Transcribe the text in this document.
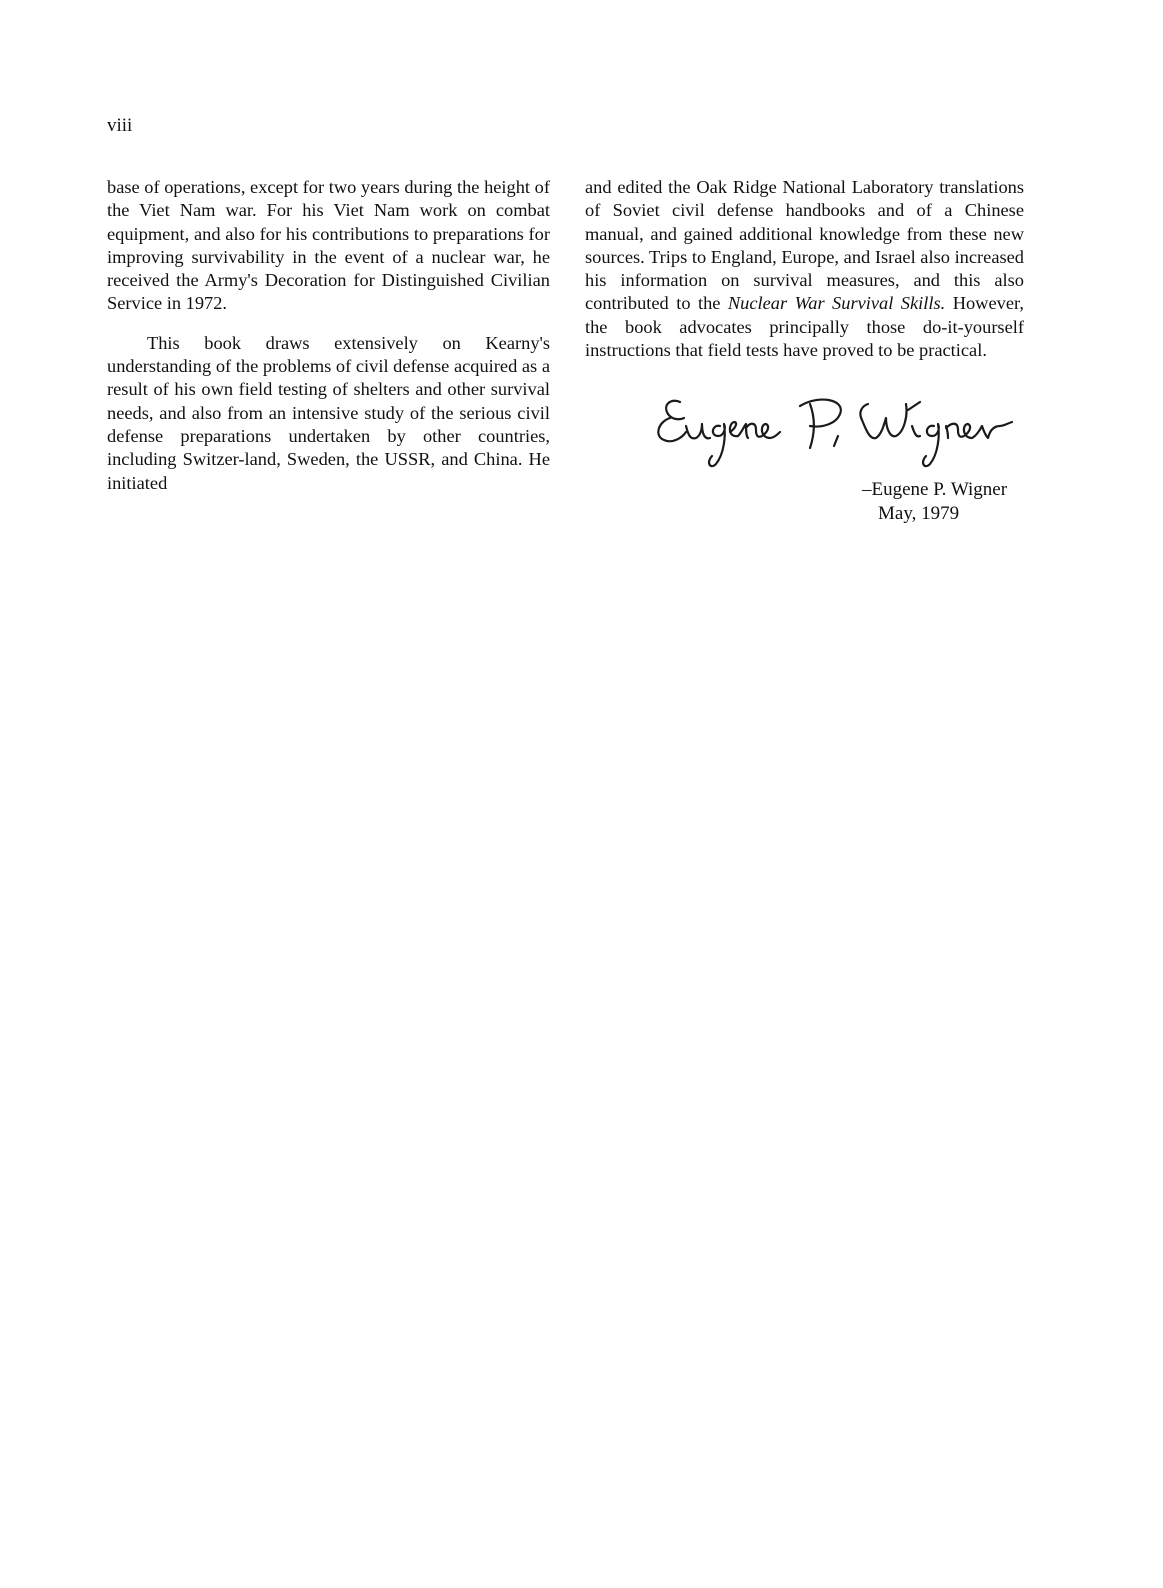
viii

base of operations, except for two years during the height of the Viet Nam war. For his Viet Nam work on combat equipment, and also for his contributions to preparations for improving survivability in the event of a nuclear war, he received the Army's Decoration for Distinguished Civilian Service in 1972.

This book draws extensively on Kearny's understanding of the problems of civil defense acquired as a result of his own field testing of shelters and other survival needs, and also from an intensive study of the serious civil defense preparations undertaken by other countries, including Switzer-land, Sweden, the USSR, and China. He initiated

and edited the Oak Ridge National Laboratory translations of Soviet civil defense handbooks and of a Chinese manual, and gained additional knowledge from these new sources. Trips to England, Europe, and Israel also increased his information on survival measures, and this also contributed to the Nuclear War Survival Skills. However, the book advocates principally those do-it-yourself instructions that field tests have proved to be practical.

–Eugene P. Wigner
May, 1979
